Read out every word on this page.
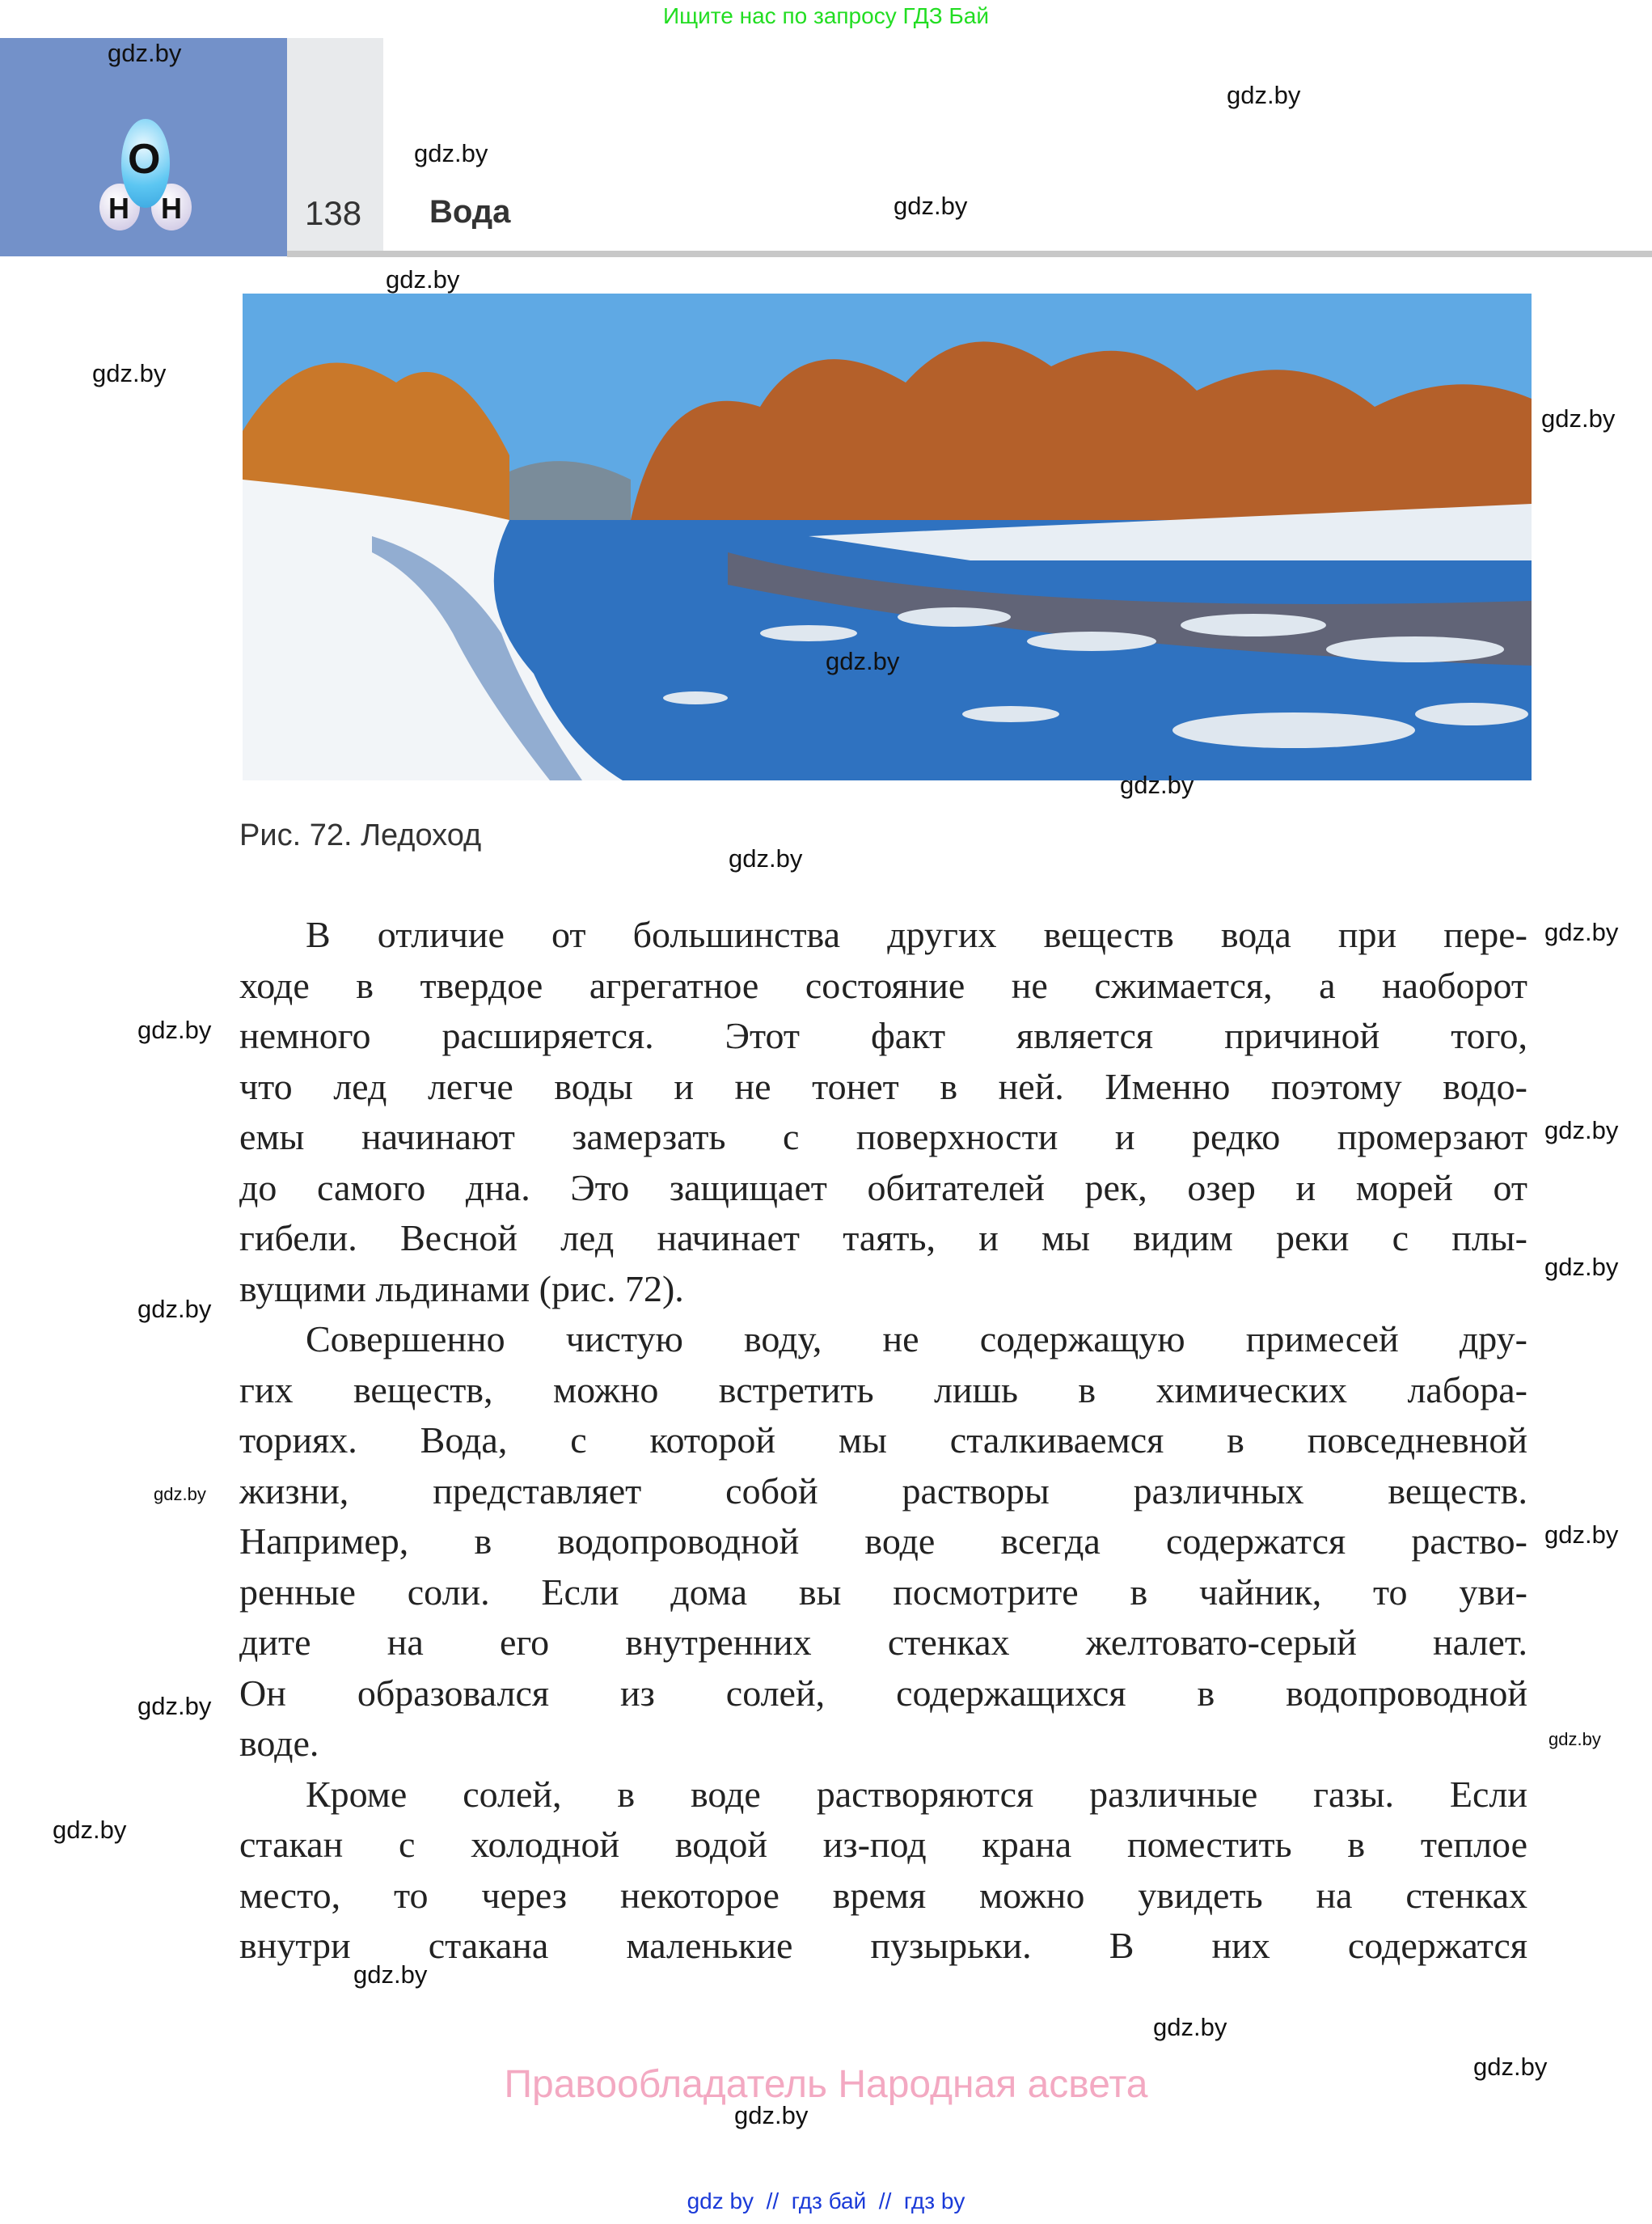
Ищите нас по запросу ГДЗ Бай
O
H H	138 Вода
Рис. 72. Ледоход
В отличие от большинства других веществ вода при пере-
ходе в твердое агрегатное состояние не сжимается, а наоборот
немного расширяется. Этот факт является причиной того,
что лед легче воды и не тонет в ней. Именно поэтому водо-
емы начинают замерзать с поверхности и редко промерзают
до самого дна. Это защищает обитателей рек, озер и морей от
гибели. Весной лед начинает таять, и мы видим реки с плы-
вущими льдинами (рис. 72).
Совершенно чистую воду, не содержащую примесей дру-
гих веществ, можно встретить лишь в химических лабора-
ториях. Вода, с которой мы сталкиваемся в повседневной
жизни, представляет собой растворы различных веществ.
Например, в водопроводной воде всегда содержатся раство-
ренные соли. Если дома вы посмотрите в чайник, то уви-
дите на его внутренних стенках желтовато-серый налет.
Он образовался из солей, содержащихся в водопроводной
воде.
Кроме солей, в воде растворяются различные газы. Если
стакан с холодной водой из-под крана поместить в теплое
место, то через некоторое время можно увидеть на стенках
внутри стакана маленькие пузырьки. В них содержатся
gdz.by
gdz.by
gdz.by
gdz.by
gdz.by
gdz.by
gdz.by
gdz.by
gdz.by
gdz.by
gdz.by
gdz.by
gdz.by
gdz.by
gdz.by
gdz.by
gdz.by
gdz.by
gdz.by
gdz.by
gdz.by
gdz.by
gdz.by
gdz.by
Правообладатель Народная асвета
gdz by  //  гдз бай  //  гдз by
